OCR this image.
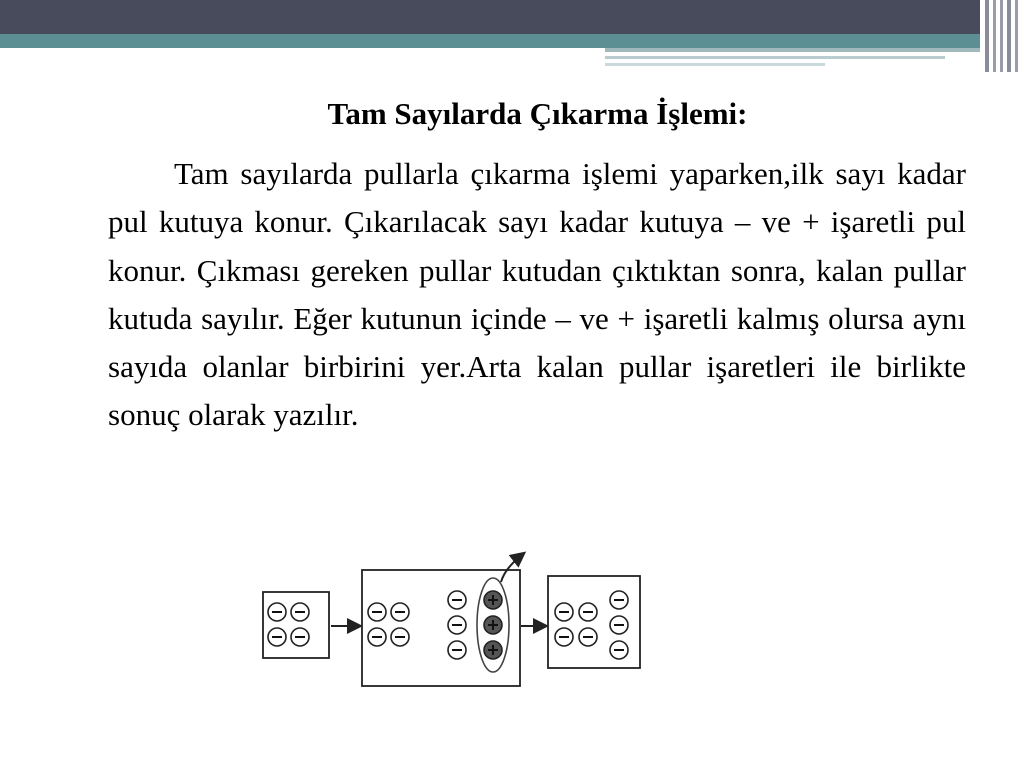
Tam Sayılarda Çıkarma İşlemi:

Tam sayılarda pullarla çıkarma işlemi yaparken,ilk sayı kadar pul kutuya konur. Çıkarılacak sayı kadar kutuya – ve + işaretli pul konur. Çıkması gereken pullar kutudan çıktıktan sonra, kalan pullar kutuda sayılır. Eğer kutunun içinde – ve + işaretli kalmış olursa aynı sayıda olanlar birbirini yer.Arta kalan pullar işaretleri ile birlikte sonuç olarak yazılır.
